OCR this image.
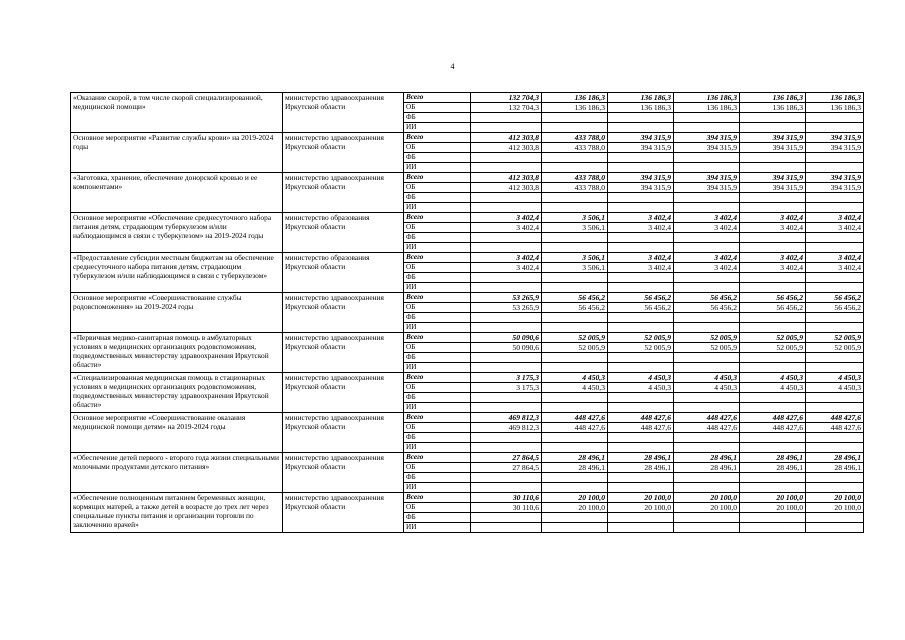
4
«Оказание скорой, в том числе скорой специализированной, медицинской помощи»	министерство здравоохранения Иркутской области	Всего	132 704,3	136 186,3	136 186,3	136 186,3	136 186,3	136 186,3
		ОБ	132 704,3	136 186,3	136 186,3	136 186,3	136 186,3	136 186,3
		ФБ						
		ИИ						
Основное мероприятие «Развитие службы крови» на 2019-2024 годы	министерство здравоохранения Иркутской области	Всего	412 303,8	433 788,0	394 315,9	394 315,9	394 315,9	394 315,9
		ОБ	412 303,8	433 788,0	394 315,9	394 315,9	394 315,9	394 315,9
		ФБ						
		ИИ						
«Заготовка, хранение, обеспечение донорской кровью и ее компонентами»	министерство здравоохранения Иркутской области	Всего	412 303,8	433 788,0	394 315,9	394 315,9	394 315,9	394 315,9
		ОБ	412 303,8	433 788,0	394 315,9	394 315,9	394 315,9	394 315,9
		ФБ						
		ИИ						
Основное мероприятие «Обеспечение среднесуточного набора питания детям, страдающим туберкулезом и/или наблюдающимся в связи с туберкулезом» на 2019-2024 годы	министерство образования Иркутской области	Всего	3 402,4	3 506,1	3 402,4	3 402,4	3 402,4	3 402,4
		ОБ	3 402,4	3 506,1	3 402,4	3 402,4	3 402,4	3 402,4
		ФБ						
		ИИ						
«Предоставление субсидии местным бюджетам на обеспечение среднесуточного набора питания детям, страдающим туберкулезом и/или наблюдающимся в связи с туберкулезом»	министерство образования Иркутской области	Всего	3 402,4	3 506,1	3 402,4	3 402,4	3 402,4	3 402,4
		ОБ	3 402,4	3 506,1	3 402,4	3 402,4	3 402,4	3 402,4
		ФБ						
		ИИ						
Основное мероприятие «Совершенствование службы родовспоможения» на 2019-2024 годы	министерство здравоохранения Иркутской области	Всего	53 265,9	56 456,2	56 456,2	56 456,2	56 456,2	56 456,2
		ОБ	53 265,9	56 456,2	56 456,2	56 456,2	56 456,2	56 456,2
		ФБ						
		ИИ						
«Первичная медико-санитарная помощь в амбулаторных условиях в медицинских организациях родовспоможения, подведомственных министерству здравоохранения Иркутской области»	министерство здравоохранения Иркутской области	Всего	50 090,6	52 005,9	52 005,9	52 005,9	52 005,9	52 005,9
		ОБ	50 090,6	52 005,9	52 005,9	52 005,9	52 005,9	52 005,9
		ФБ						
		ИИ						
«Специализированная медицинская помощь в стационарных условиях в медицинских организациях родовспоможения, подведомственных министерству здравоохранения Иркутской области»	министерство здравоохранения Иркутской области	Всего	3 175,3	4 450,3	4 450,3	4 450,3	4 450,3	4 450,3
		ОБ	3 175,3	4 450,3	4 450,3	4 450,3	4 450,3	4 450,3
		ФБ						
		ИИ						
Основное мероприятие «Совершенствование оказания медицинской помощи детям» на 2019-2024 годы	министерство здравоохранения Иркутской области	Всего	469 812,3	448 427,6	448 427,6	448 427,6	448 427,6	448 427,6
		ОБ	469 812,3	448 427,6	448 427,6	448 427,6	448 427,6	448 427,6
		ФБ						
		ИИ						
«Обеспечение детей первого - второго года жизни специальными молочными продуктами детского питания»	министерство здравоохранения Иркутской области	Всего	27 864,5	28 496,1	28 496,1	28 496,1	28 496,1	28 496,1
		ОБ	27 864,5	28 496,1	28 496,1	28 496,1	28 496,1	28 496,1
		ФБ						
		ИИ						
«Обеспечение полноценным питанием беременных женщин, кормящих матерей, а также детей в возрасте до трех лет через специальные пункты питания и организации торговли по заключению врачей»	министерство здравоохранения Иркутской области	Всего	30 110,6	20 100,0	20 100,0	20 100,0	20 100,0	20 100,0
		ОБ	30 110,6	20 100,0	20 100,0	20 100,0	20 100,0	20 100,0
		ФБ						
		ИИ						
